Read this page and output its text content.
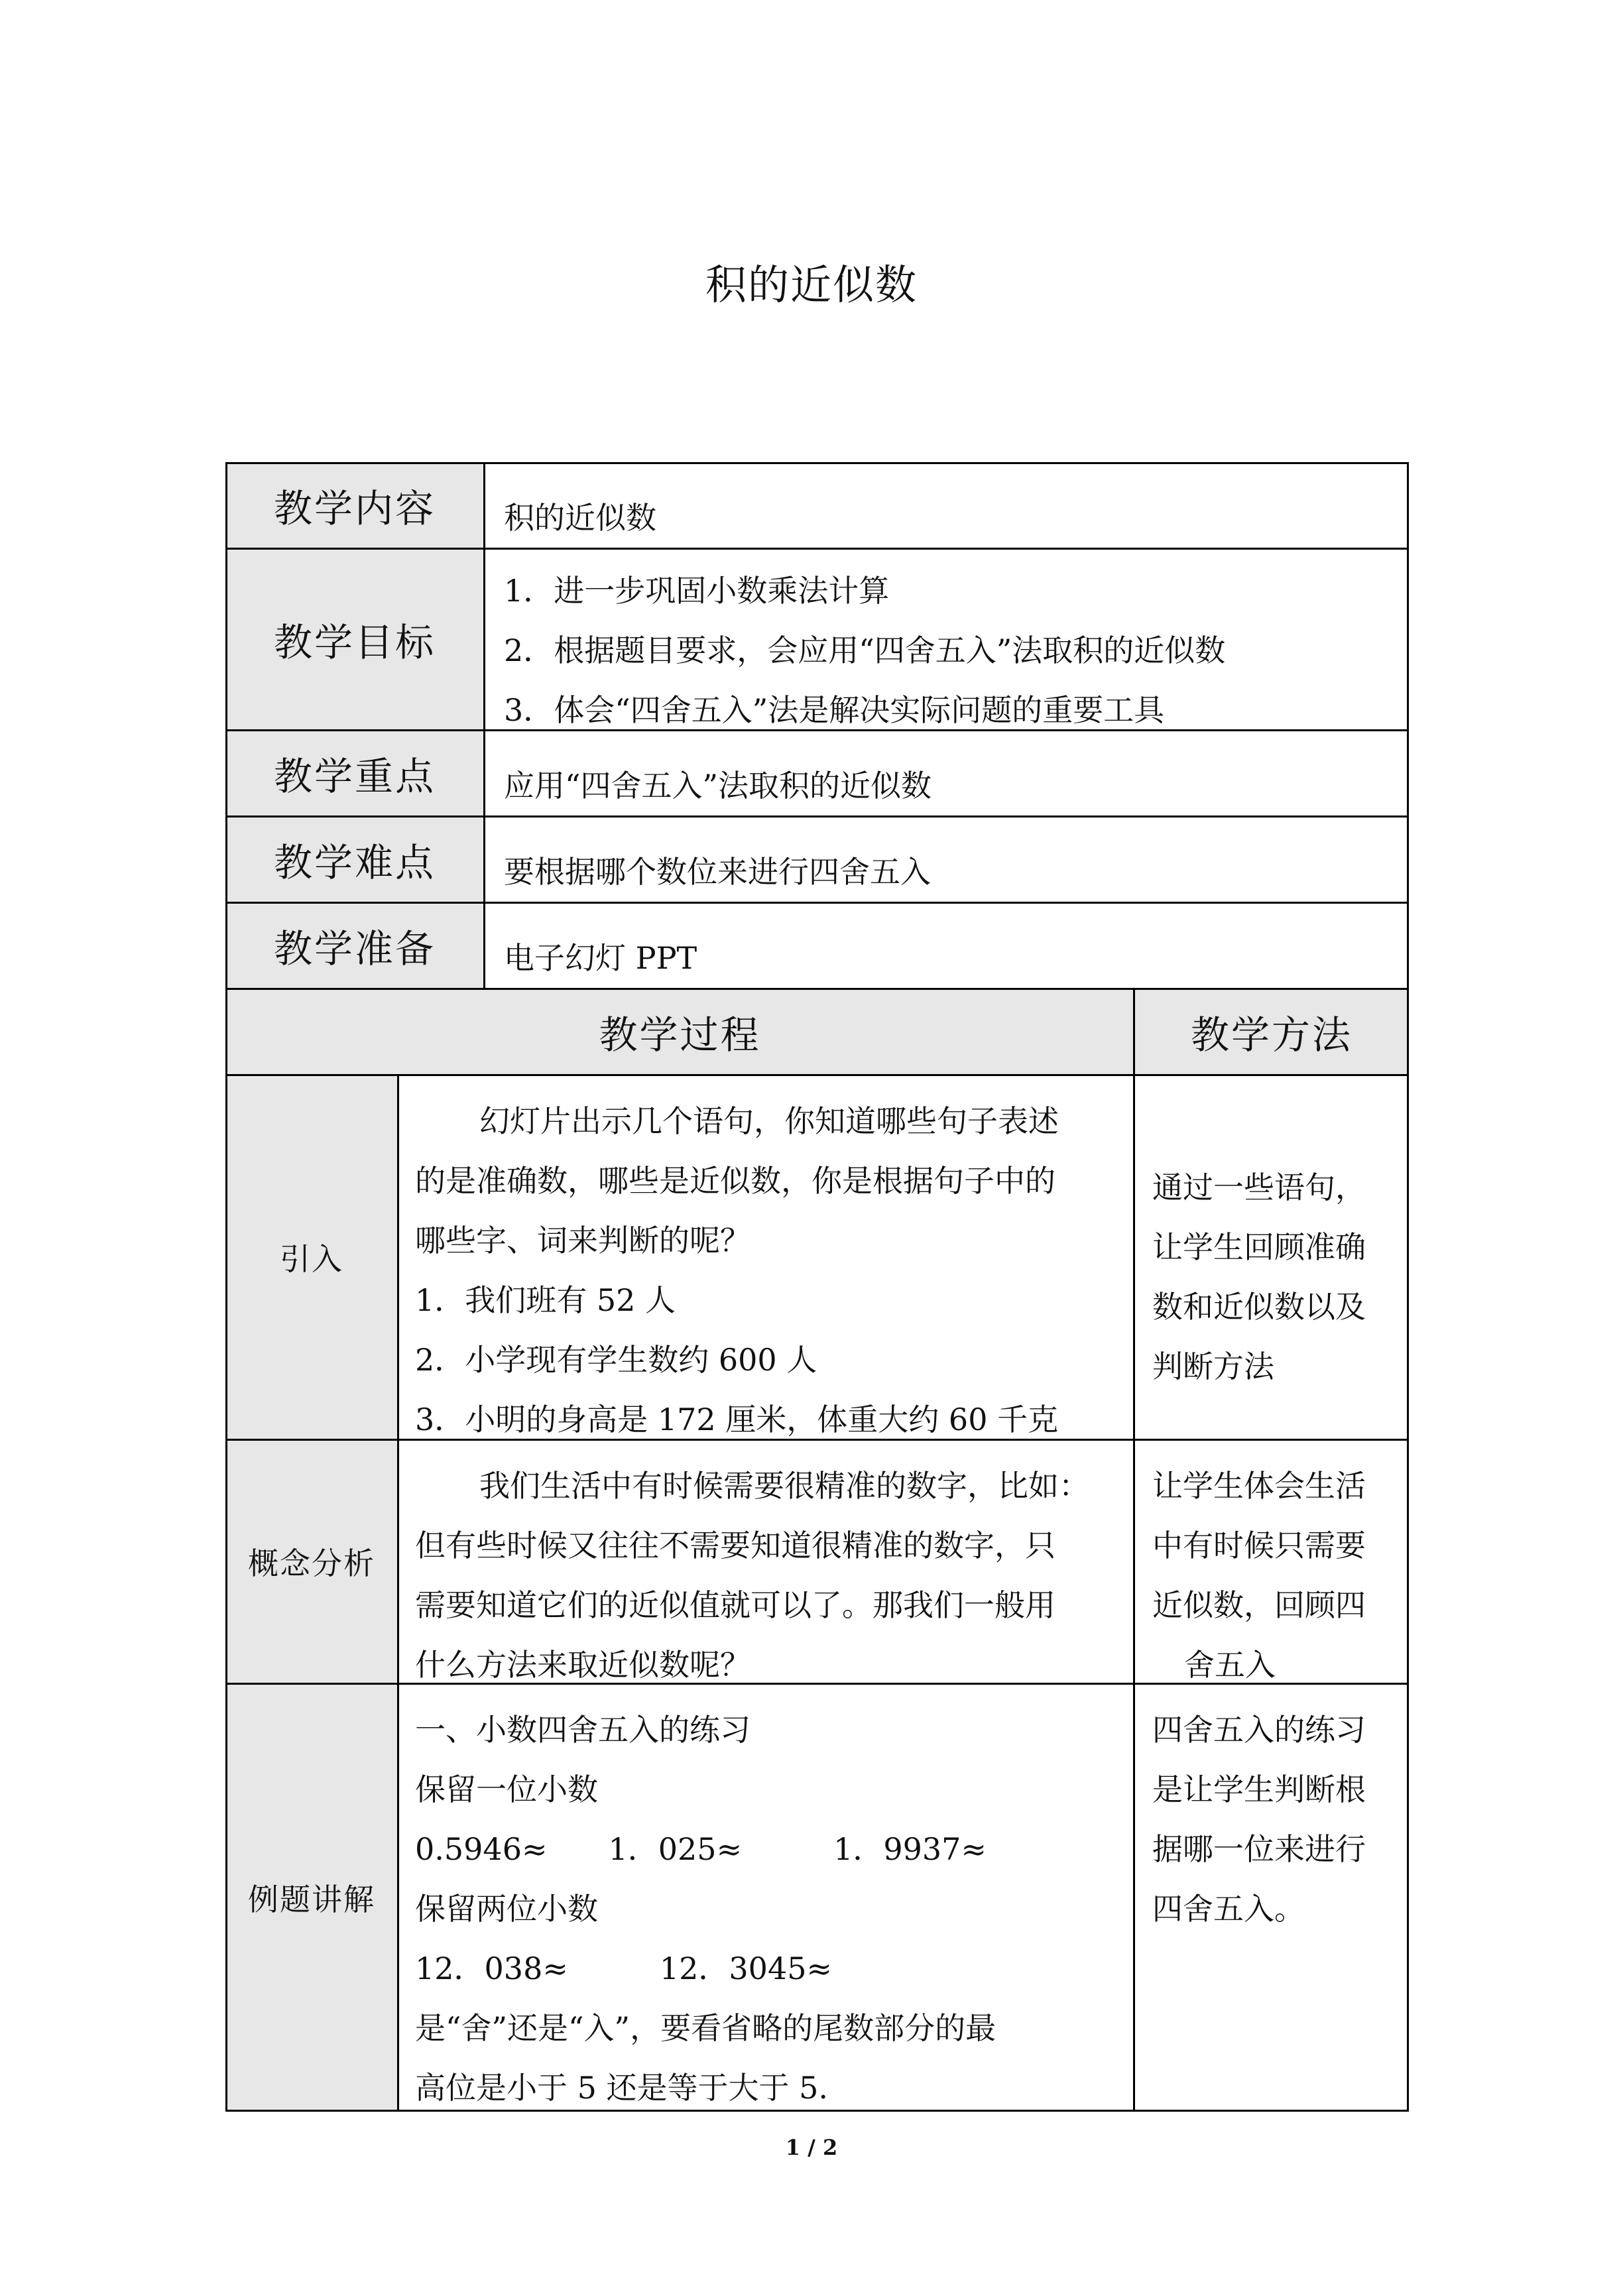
积的近似数
教学内容
教学目标
教学重点
教学难点
教学准备
教学过程	教学方法
引入
概念分析
例题讲解
积的近似数
1．进一步巩固小数乘法计算
2．根据题目要求，会应用“四舍五入”法取积的近似数
3．体会“四舍五入”法是解决实际问题的重要工具
应用“四舍五入”法取积的近似数
要根据哪个数位来进行四舍五入
电子幻灯 PPT
幻灯片出示几个语句，你知道哪些句子表述
的是准确数，哪些是近似数，你是根据句子中的
哪些字、词来判断的呢？
1．我们班有 52 人
2．小学现有学生数约 600 人
3．小明的身高是 172 厘米，体重大约 60 千克
通过一些语句，
让学生回顾准确
数和近似数以及
判断方法
我们生活中有时候需要很精准的数字，比如：
但有些时候又往往不需要知道很精准的数字，只
需要知道它们的近似值就可以了。那我们一般用
什么方法来取近似数呢？
让学生体会生活
中有时候只需要
近似数，回顾四
舍五入
一、小数四舍五入的练习
保留一位小数
0.5946≈　　1．025≈　　　1．9937≈
保留两位小数
12．038≈　　　12．3045≈
是“舍”还是“入”，要看省略的尾数部分的最
高位是小于 5 还是等于大于 5.
四舍五入的练习
是让学生判断根
据哪一位来进行
四舍五入。
1 / 2
